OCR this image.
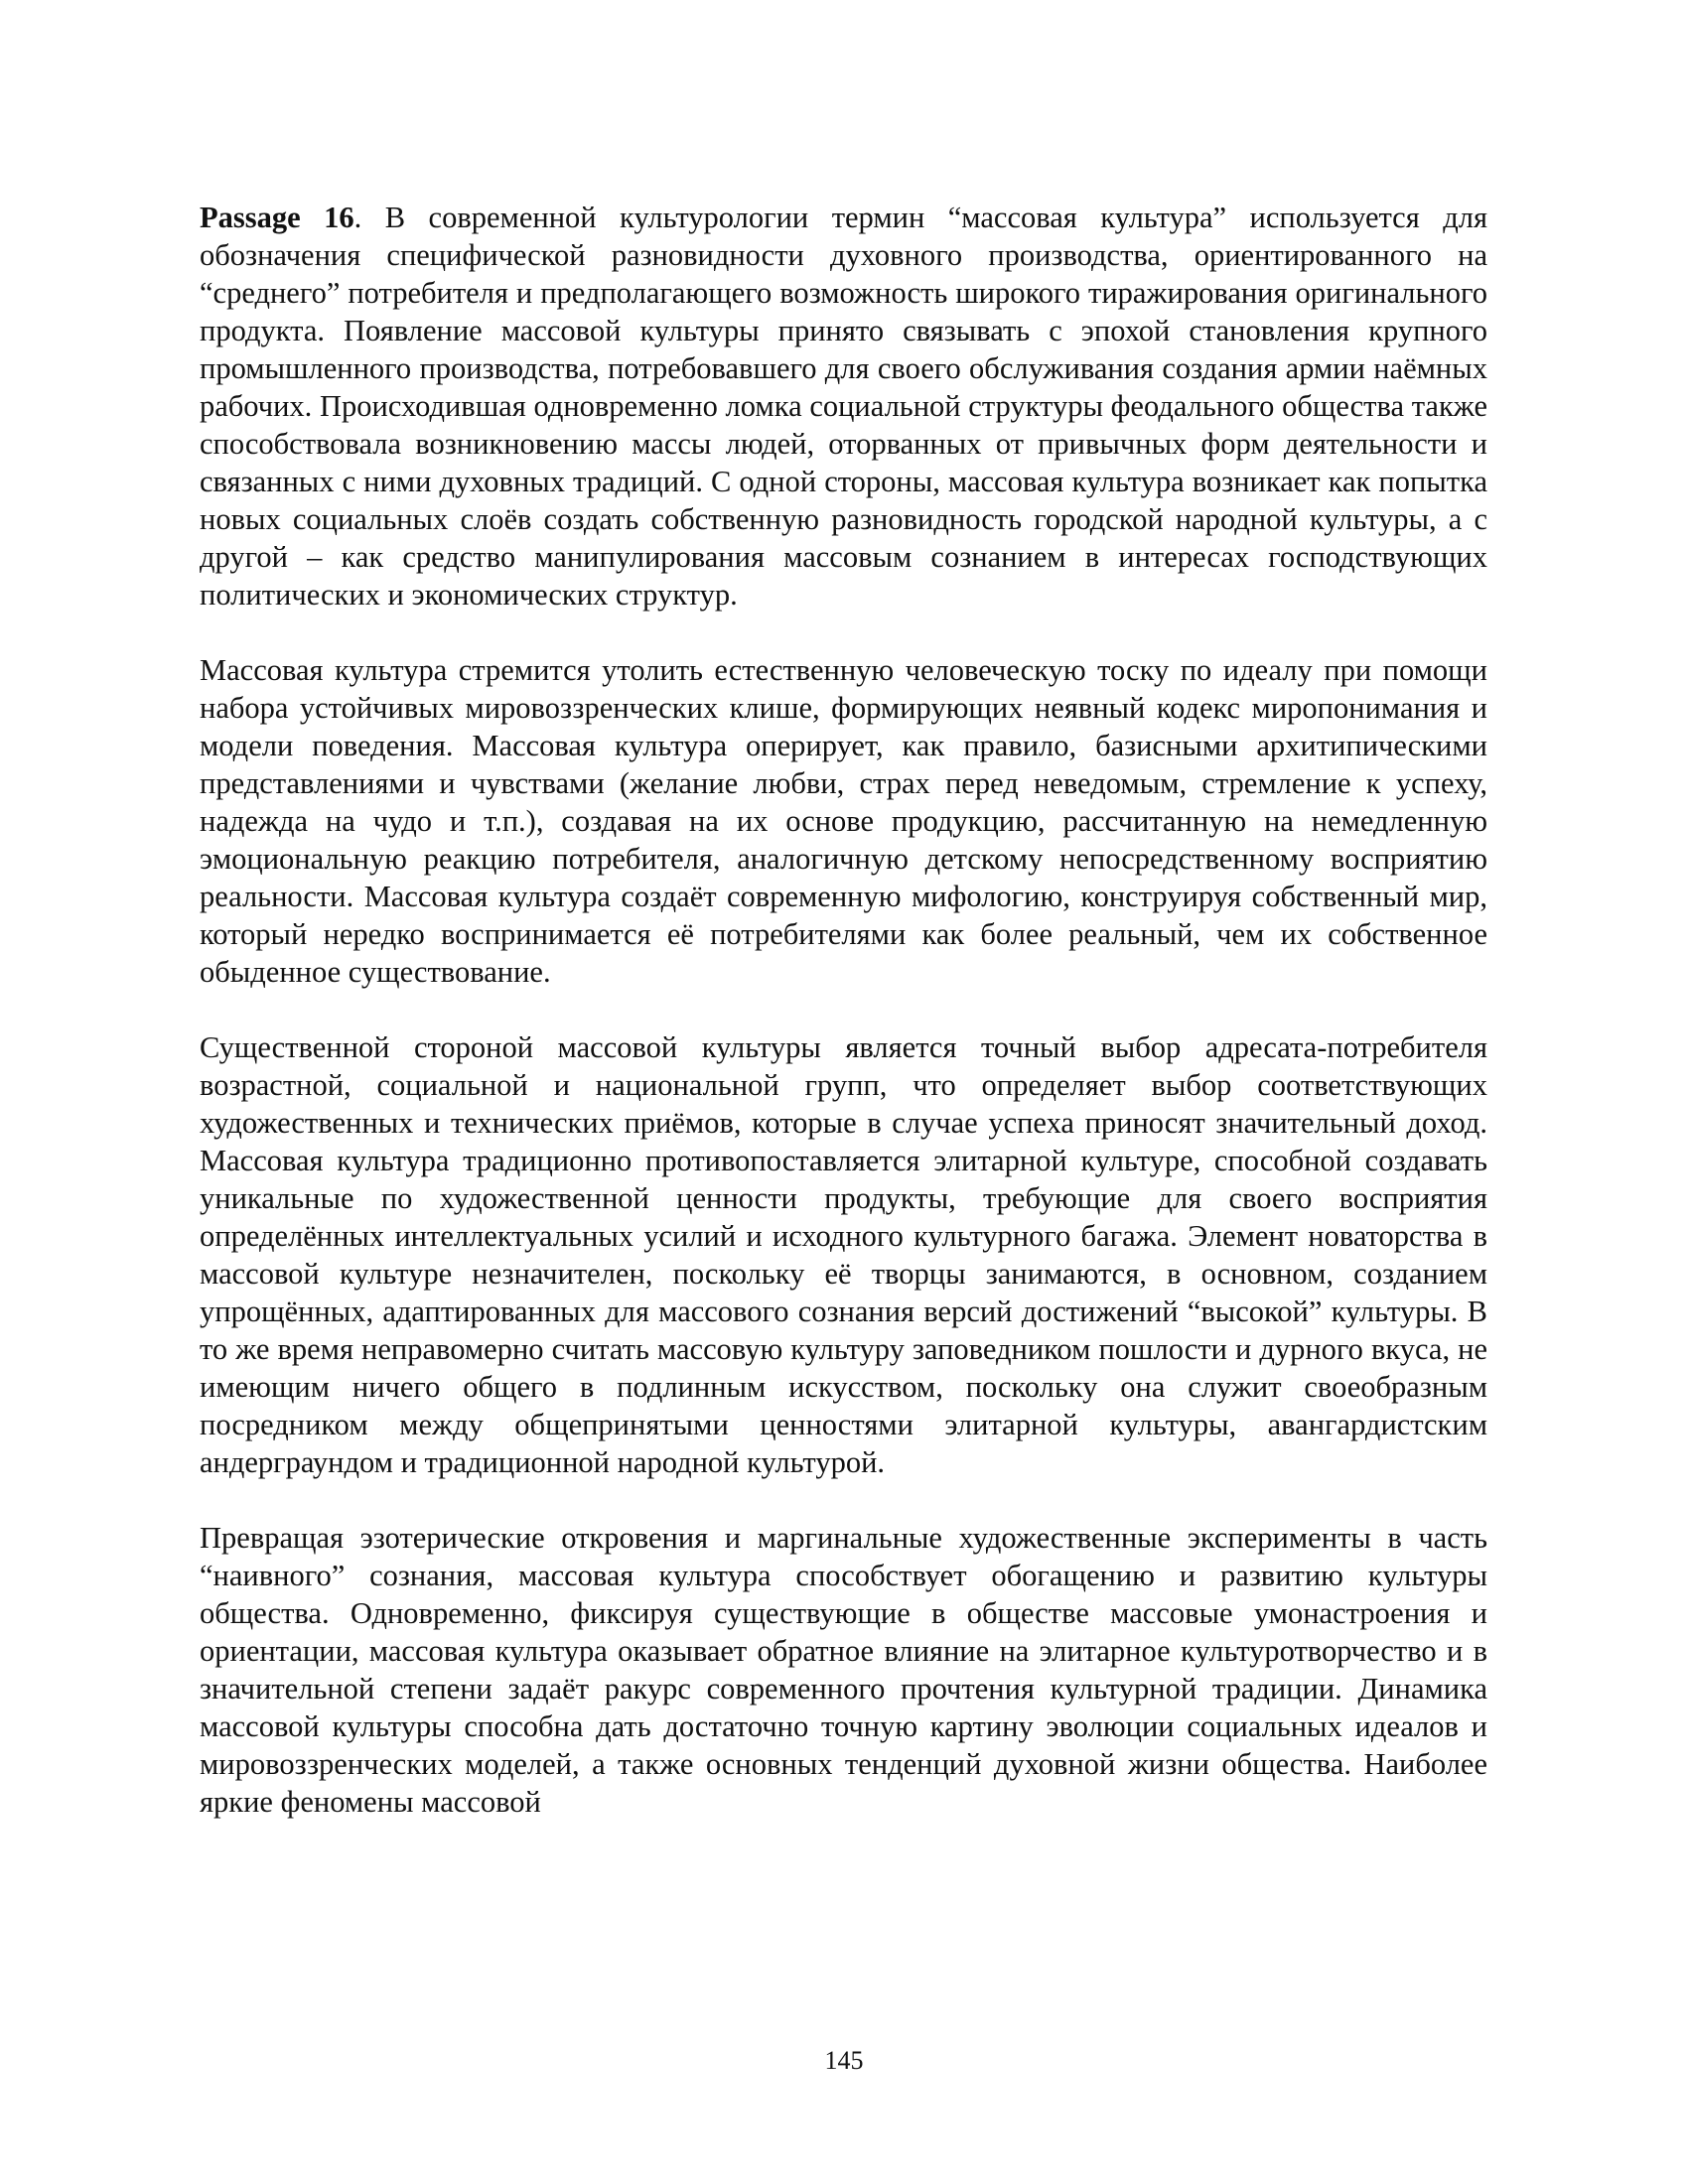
Passage 16. В современной культурологии термин “массовая культура” используется для обозначения специфической разновидности духовного производства, ориентированного на “среднего” потребителя и предполагающего возможность широкого тиражирования оригинального продукта. Появление массовой культуры принято связывать с эпохой становления крупного промышленного производства, потребовавшего для своего обслуживания создания армии наёмных рабочих. Происходившая одновременно ломка социальной структуры феодального общества также способствовала возникновению массы людей, оторванных от привычных форм деятельности и связанных с ними духовных традиций. С одной стороны, массовая культура возникает как попытка новых социальных слоёв создать собственную разновидность городской народной культуры, а с другой – как средство манипулирования массовым сознанием в интересах господствующих политических и экономических структур.

Массовая культура стремится утолить естественную человеческую тоску по идеалу при помощи набора устойчивых мировоззренческих клише, формирующих неявный кодекс миропонимания и модели поведения. Массовая культура оперирует, как правило, базисными архитипическими представлениями и чувствами (желание любви, страх перед неведомым, стремление к успеху, надежда на чудо и т.п.), создавая на их основе продукцию, рассчитанную на немедленную эмоциональную реакцию потребителя, аналогичную детскому непосредственному восприятию реальности. Массовая культура создаёт современную мифологию, конструируя собственный мир, который нередко воспринимается её потребителями как более реальный, чем их собственное обыденное существование.

Существенной стороной массовой культуры является точный выбор адресата-потребителя возрастной, социальной и национальной групп, что определяет выбор соответствующих художественных и технических приёмов, которые в случае успеха приносят значительный доход. Массовая культура традиционно противопоставляется элитарной культуре, способной создавать уникальные по художественной ценности продукты, требующие для своего восприятия определённых интеллектуальных усилий и исходного культурного багажа. Элемент новаторства в массовой культуре незначителен, поскольку её творцы занимаются, в основном, созданием упрощённых, адаптированных для массового сознания версий достижений “высокой” культуры. В то же время неправомерно считать массовую культуру заповедником пошлости и дурного вкуса, не имеющим ничего общего в подлинным искусством, поскольку она служит своеобразным посредником между общепринятыми ценностями элитарной культуры, авангардистским андерграундом и традиционной народной культурой.

Превращая эзотерические откровения и маргинальные художественные эксперименты в часть “наивного” сознания, массовая культура способствует обогащению и развитию культуры общества. Одновременно, фиксируя существующие в обществе массовые умонастроения и ориентации, массовая культура оказывает обратное влияние на элитарное культуротворчество и в значительной степени задаёт ракурс современного прочтения культурной традиции. Динамика массовой культуры способна дать достаточно точную картину эволюции социальных идеалов и мировоззренческих моделей, а также основных тенденций духовной жизни общества. Наиболее яркие феномены массовой

145
